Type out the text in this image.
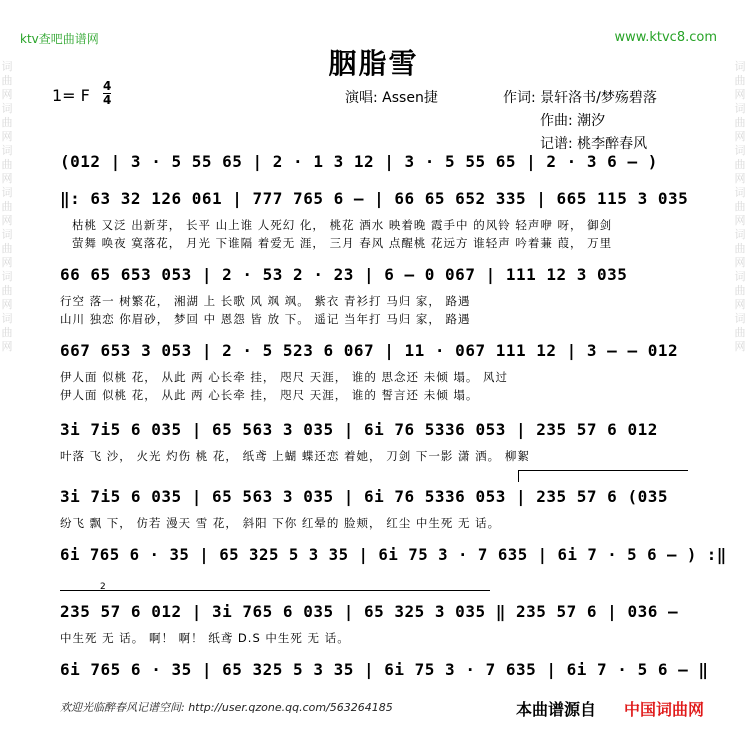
词曲网词曲网词曲网词曲网词曲网词曲网词曲网
词曲网词曲网词曲网词曲网词曲网词曲网词曲网
ktv查吧曲谱网	www.ktvc8.com
胭脂雪
1= F 4
4	演唱: Assen捷	作词: 景轩洛书/梦殇碧落
作曲: 潮汐
记谱: 桃李醉春风
(012 | 3 · 5 55 65 | 2 · 1 3 12 | 3 · 5 55 65 | 2 · 3 6 – )
‖: 63 32 126 061 | 777 765 6 – | 66 65 652 335 | 665 115 3 035
枯桃 又泛 出新芽， 长平 山上谁 人死幻 化， 桃花 酒水 映着晚 霞手中 的风铃 轻声咿 呀， 御剑
萤舞 唤夜 寞落花， 月光 下谁隔 着爱无 涯， 三月 春风 点醒桃 花远方 谁轻声 吟着蒹 葭， 万里
66 65 653 053 | 2 · 53 2 · 23 | 6 – 0 067 | 111 12 3 035
行空 落一 树繁花， 湘湖 上 长歌 风 飒 飒。 紫衣 青衫打 马归 家， 路遇
山川 独恋 你眉砂， 梦回 中 恩怨 皆 放 下。 遥记 当年打 马归 家， 路遇
667 653 3 053 | 2 · 5 523 6 067 | 11 · 067 111 12 | 3 – – 012
伊人面 似桃 花， 从此 两 心长牵 挂， 咫尺 天涯， 谁的 思念还 未倾 塌。 风过
伊人面 似桃 花， 从此 两 心长牵 挂， 咫尺 天涯， 谁的 誓言还 未倾 塌。
3i 7i5 6 035 | 65 563 3 035 | 6i 76 5336 053 | 235 57 6 012
叶落 飞 沙， 火光 灼伤 桃 花， 纸鸢 上蝴 蝶还恋 着她， 刀剑 下一影 潇 洒。 柳絮
3i 7i5 6 035 | 65 563 3 035 | 6i 76 5336 053 | 235 57 6 (035
纷飞 飘 下， 仿若 漫天 雪 花， 斜阳 下你 红晕的 脸颊， 红尘 中生死 无 话。
6i 765 6 · 35 | 65 325 5 3 35 | 6i 75 3 · 7 635 | 6i 7 · 5 6 – ) :‖
2
235 57 6 012 | 3i 765 6 035 | 65 325 3 035 ‖ 235 57 6 | 036 –
中生死 无 话。 啊！ 啊！ 纸鸢 D.S 中生死 无 话。
6i 765 6 · 35 | 65 325 5 3 35 | 6i 75 3 · 7 635 | 6i 7 · 5 6 – ‖
欢迎光临醉春风记谱空间: http://user.qzone.qq.com/563264185	本曲谱源自 中国词曲网
